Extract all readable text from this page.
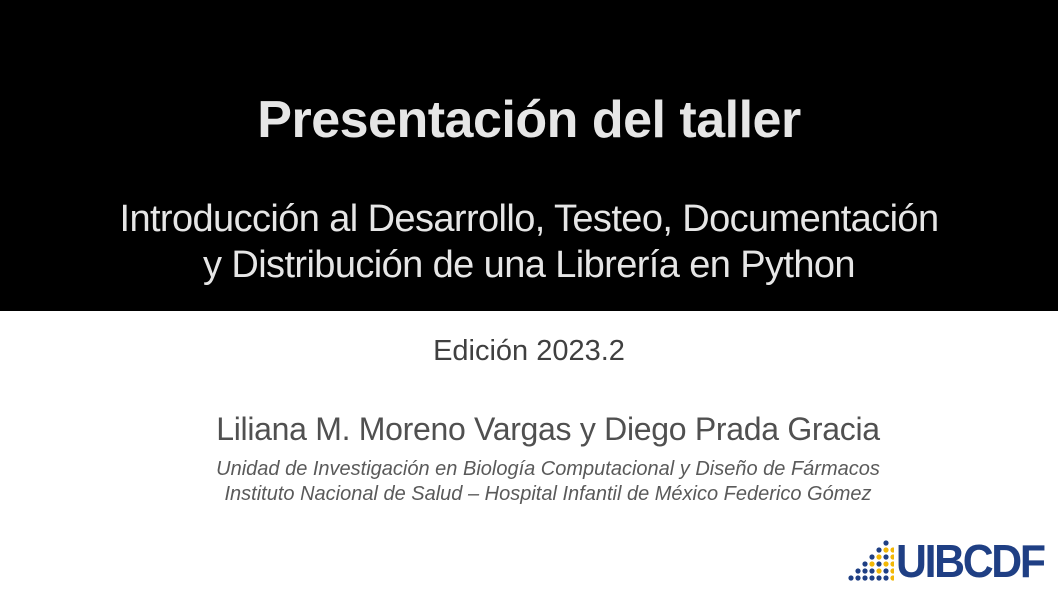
Presentación del taller
Introducción al Desarrollo, Testeo, Documentación
y Distribución de una Librería en Python
Edición 2023.2
Liliana M. Moreno Vargas y Diego Prada Gracia
Unidad de Investigación en Biología Computacional y Diseño de Fármacos
Instituto Nacional de Salud – Hospital Infantil de México Federico Gómez
UIBCDF
